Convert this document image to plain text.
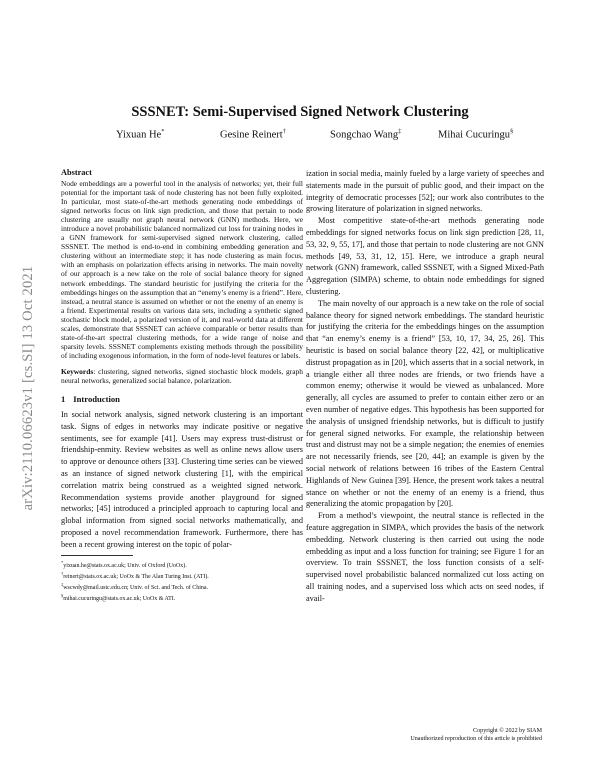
arXiv:2110.06623v1 [cs.SI] 13 Oct 2021
SSSNET: Semi-Supervised Signed Network Clustering
Yixuan He*	Gesine Reinert†	Songchao Wang‡	Mihai Cucuringu§
Abstract

Node embeddings are a powerful tool in the analysis of networks; yet, their full potential for the important task of node clustering has not been fully exploited. In particular, most state-of-the-art methods generating node embeddings of signed networks focus on link sign prediction, and those that pertain to node clustering are usually not graph neural network (GNN) methods. Here, we introduce a novel probabilistic balanced normalized cut loss for training nodes in a GNN framework for semi-supervised signed network clustering, called SSSNET. The method is end-to-end in combining embedding generation and clustering without an intermediate step; it has node clustering as main focus, with an emphasis on polarization effects arising in networks. The main novelty of our approach is a new take on the role of social balance theory for signed network embeddings. The standard heuristic for justifying the criteria for the embeddings hinges on the assumption that an “enemy’s enemy is a friend”. Here, instead, a neutral stance is assumed on whether or not the enemy of an enemy is a friend. Experimental results on various data sets, including a synthetic signed stochastic block model, a polarized version of it, and real-world data at different scales, demonstrate that SSSNET can achieve comparable or better results than state-of-the-art spectral clustering methods, for a wide range of noise and sparsity levels. SSSNET complements existing methods through the possibility of including exogenous information, in the form of node-level features or labels.

Keywords: clustering, signed networks, signed stochastic block models, graph neural networks, generalized social balance, polarization.

1 Introduction

In social network analysis, signed network clustering is an important task. Signs of edges in networks may indicate positive or negative sentiments, see for example [41]. Users may express trust-distrust or friendship-enmity. Review websites as well as online news allow users to approve or denounce others [33]. Clustering time series can be viewed as an instance of signed network clustering [1], with the empirical correlation matrix being construed as a weighted signed network. Recommendation systems provide another playground for signed networks; [45] introduced a principled approach to capturing local and global information from signed social networks mathematically, and proposed a novel recommendation framework. Furthermore, there has been a recent growing interest on the topic of polar-

*yixuan.he@stats.ox.ac.uk; Univ. of Oxford (UoOx).

†reinert@stats.ox.ac.uk; UoOx & The Alan Turing Inst. (ATI).

‡wscwdy@mail.ustc.edu.cn; Univ. of Sci. and Tech. of China.

§mihai.cucuringu@stats.ox.ac.uk; UoOx & ATI.

ization in social media, mainly fueled by a large variety of speeches and statements made in the pursuit of public good, and their impact on the integrity of democratic processes [52]; our work also contributes to the growing literature of polarization in signed networks.

Most competitive state-of-the-art methods generating node embeddings for signed networks focus on link sign prediction [28, 11, 53, 32, 9, 55, 17], and those that pertain to node clustering are not GNN methods [49, 53, 31, 12, 15]. Here, we introduce a graph neural network (GNN) framework, called SSSNET, with a Signed Mixed-Path Aggregation (SIMPA) scheme, to obtain node embeddings for signed clustering.

The main novelty of our approach is a new take on the role of social balance theory for signed network embeddings. The standard heuristic for justifying the criteria for the embeddings hinges on the assumption that “an enemy’s enemy is a friend” [53, 10, 17, 34, 25, 26]. This heuristic is based on social balance theory [22, 42], or multiplicative distrust propagation as in [20], which asserts that in a social network, in a triangle either all three nodes are friends, or two friends have a common enemy; otherwise it would be viewed as unbalanced. More generally, all cycles are assumed to prefer to contain either zero or an even number of negative edges. This hypothesis has been supported for the analysis of unsigned friendship networks, but is difficult to justify for general signed networks. For example, the relationship between trust and distrust may not be a simple negation; the enemies of enemies are not necessarily friends, see [20, 44]; an example is given by the social network of relations between 16 tribes of the Eastern Central Highlands of New Guinea [39]. Hence, the present work takes a neutral stance on whether or not the enemy of an enemy is a friend, thus generalizing the atomic propagation by [20].

From a method’s viewpoint, the neutral stance is reflected in the feature aggregation in SIMPA, which provides the basis of the network embedding. Network clustering is then carried out using the node embedding as input and a loss function for training; see Figure 1 for an overview. To train SSSNET, the loss function consists of a self-supervised novel probabilistic balanced normalized cut loss acting on all training nodes, and a supervised loss which acts on seed nodes, if avail-

Copyright © 2022 by SIAM
Unauthorized reproduction of this article is prohibited
